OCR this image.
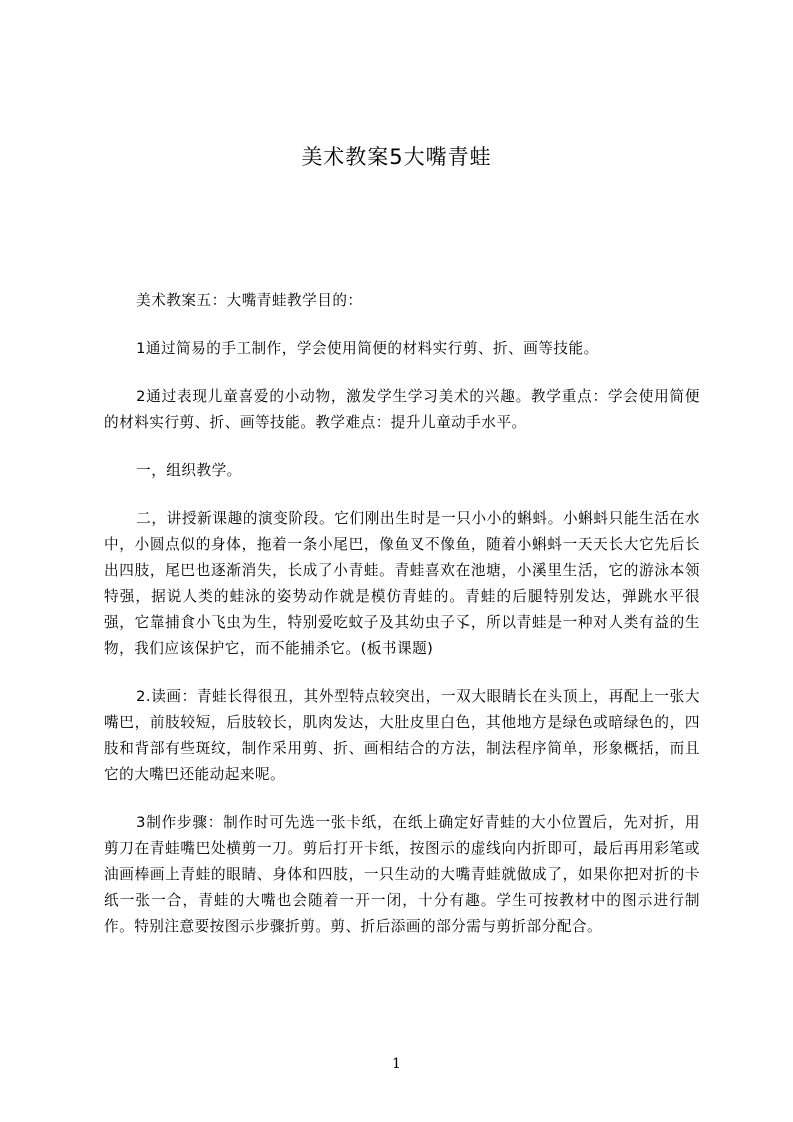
美术教案5大嘴青蛙

美术教案五：大嘴青蛙教学目的：

1通过简易的手工制作，学会使用简便的材料实行剪、折、画等技能。

2通过表现儿童喜爱的小动物，激发学生学习美术的兴趣。教学重点：学会使用简便的材料实行剪、折、画等技能。教学难点：提升儿童动手水平。

一，组织教学。

二，讲授新课趣的演变阶段。它们刚出生时是一只小小的蝌蚪。小蝌蚪只能生活在水中，小圆点似的身体，拖着一条小尾巴，像鱼叉不像鱼，随着小蝌蚪一天天长大它先后长出四肢，尾巴也逐渐消失，长成了小青蛙。青蛙喜欢在池塘，小溪里生活，它的游泳本领特强，据说人类的蛙泳的姿势动作就是模仿青蛙的。青蛙的后腿特别发达，弹跳水平很强，它靠捕食小飞虫为生，特别爱吃蚊子及其幼虫子孓，所以青蛙是一种对人类有益的生物，我们应该保护它，而不能捕杀它。(板书课题)

2.读画：青蛙长得很丑，其外型特点较突出，一双大眼睛长在头顶上，再配上一张大嘴巴，前肢较短，后肢较长，肌肉发达，大肚皮里白色，其他地方是绿色或暗绿色的，四肢和背部有些斑纹，制作采用剪、折、画相结合的方法，制法程序简单，形象概括，而且它的大嘴巴还能动起来呢。

3制作步骤：制作时可先选一张卡纸，在纸上确定好青蛙的大小位置后，先对折，用剪刀在青蛙嘴巴处横剪一刀。剪后打开卡纸，按图示的虚线向内折即可，最后再用彩笔或油画棒画上青蛙的眼睛、身体和四肢，一只生动的大嘴青蛙就做成了，如果你把对折的卡纸一张一合，青蛙的大嘴也会随着一开一闭，十分有趣。学生可按教材中的图示进行制作。特别注意要按图示步骤折剪。剪、折后添画的部分需与剪折部分配合。

1
